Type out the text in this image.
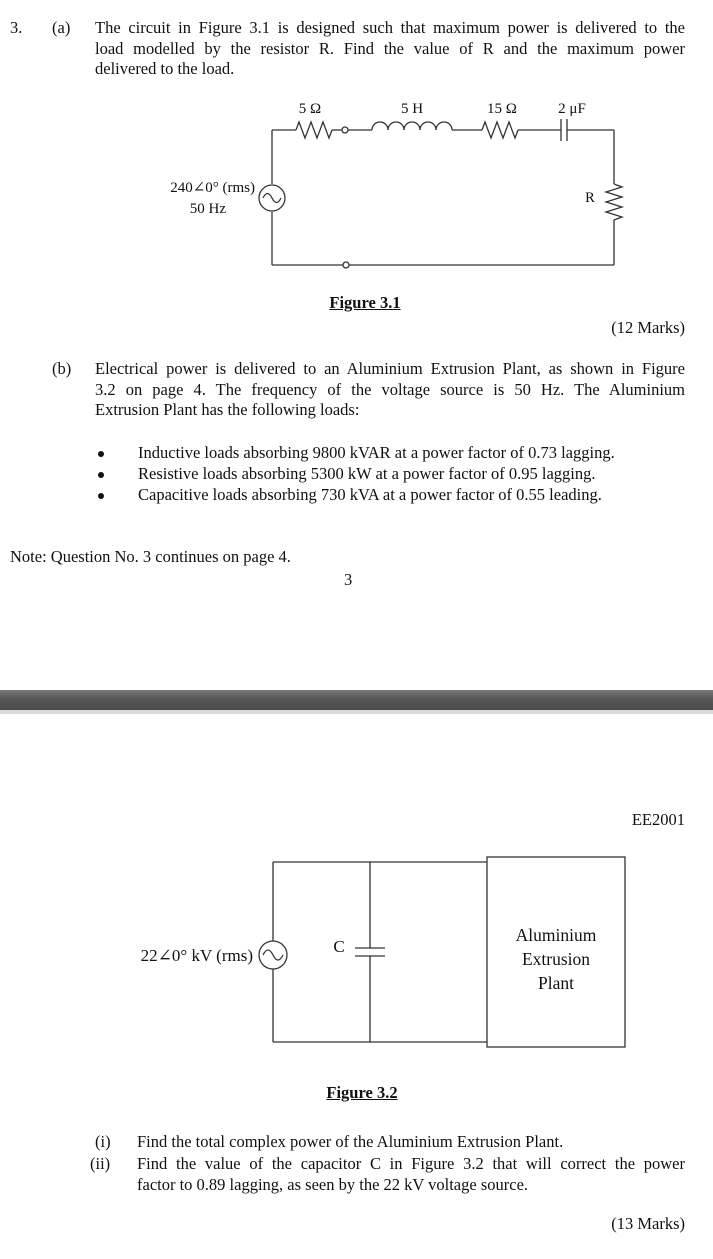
3. (a) The circuit in Figure 3.1 is designed such that maximum power is delivered to the
load modelled by the resistor R. Find the value of R and the maximum power
delivered to the load.
5 Ω	5 H	15 Ω	2 μF
R
240∠0° (rms)
50 Hz
Figure 3.1
(12 Marks)
(b) Electrical power is delivered to an Aluminium Extrusion Plant, as shown in Figure
3.2 on page 4. The frequency of the voltage source is 50 Hz. The Aluminium
Extrusion Plant has the following loads:
Inductive loads absorbing 9800 kVAR at a power factor of 0.73 lagging.
Resistive loads absorbing 5300 kW at a power factor of 0.95 lagging.
Capacitive loads absorbing 730 kVA at a power factor of 0.55 leading.
Note: Question No. 3 continues on page 4.
3
EE2001
22∠0° kV (rms)	C
Aluminium
Extrusion
Plant
Figure 3.2
(i) Find the total complex power of the Aluminium Extrusion Plant.
(ii) Find the value of the capacitor C in Figure 3.2 that will correct the power
factor to 0.89 lagging, as seen by the 22 kV voltage source.
(13 Marks)
